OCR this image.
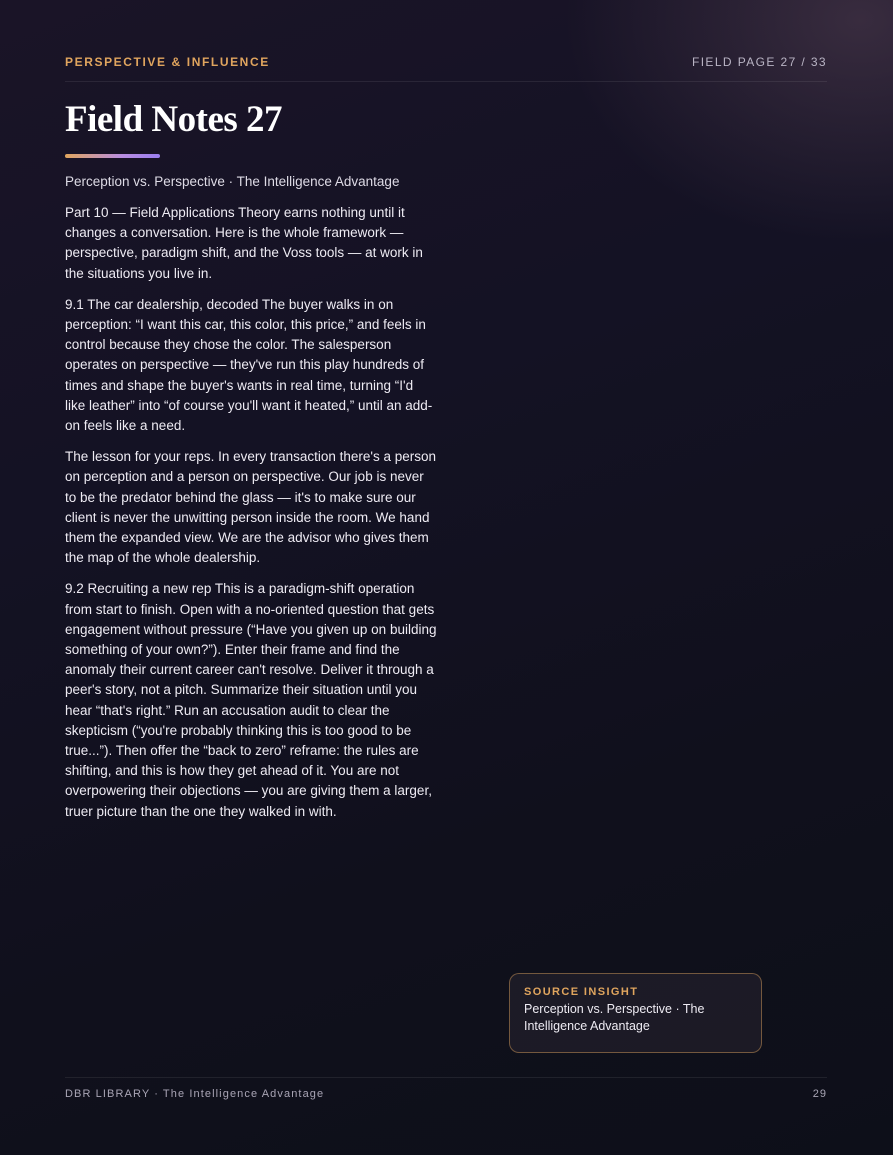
PERSPECTIVE & INFLUENCE	FIELD PAGE 27 / 33
Field Notes 27
Perception vs. Perspective · The Intelligence Advantage

Part 10 — Field Applications Theory earns nothing until it changes a conversation. Here is the whole framework — perspective, paradigm shift, and the Voss tools — at work in the situations you live in.

9.1 The car dealership, decoded The buyer walks in on perception: “I want this car, this color, this price,” and feels in control because they chose the color. The salesperson operates on perspective — they've run this play hundreds of times and shape the buyer's wants in real time, turning “I'd like leather” into “of course you'll want it heated,” until an add-on feels like a need.

The lesson for your reps. In every transaction there's a person on perception and a person on perspective. Our job is never to be the predator behind the glass — it's to make sure our client is never the unwitting person inside the room. We hand them the expanded view. We are the advisor who gives them the map of the whole dealership.

9.2 Recruiting a new rep This is a paradigm-shift operation from start to finish. Open with a no-oriented question that gets engagement without pressure (“Have you given up on building something of your own?”). Enter their frame and find the anomaly their current career can't resolve. Deliver it through a peer's story, not a pitch. Summarize their situation until you hear “that's right.” Run an accusation audit to clear the skepticism (“you're probably thinking this is too good to be true...”). Then offer the “back to zero” reframe: the rules are shifting, and this is how they get ahead of it. You are not overpowering their objections — you are giving them a larger, truer picture than the one they walked in with.

SOURCE INSIGHT
Perception vs. Perspective · The Intelligence Advantage
DBR LIBRARY · The Intelligence Advantage	29
